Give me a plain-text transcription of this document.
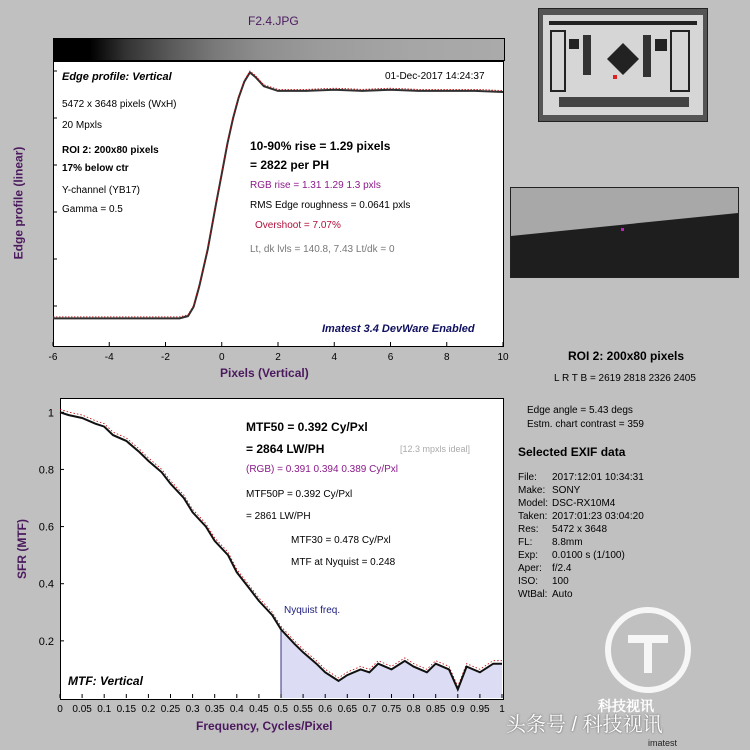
F2.4.JPG
-6	-4	-2	0	2	4	6	8	10
Edge profile: Vertical	01-Dec-2017 14:24:37
5472 x 3648 pixels (WxH)
20 Mpxls
ROI 2: 200x80 pixels
17% below ctr
Y-channel (YB17)
Gamma = 0.5
10-90% rise = 1.29 pixels
= 2822 per PH
RGB rise = 1.31 1.29 1.3 pxls
RMS Edge roughness = 0.0641 pxls
Overshoot = 7.07%
Lt, dk lvls = 140.8, 7.43 Lt/dk = 0
Imatest 3.4 DevWare Enabled
Pixels (Vertical)
Edge profile (linear)
ROI 2: 200x80 pixels
L R T B = 2619 2818 2326 2405
Edge angle = 5.43 degs
Estm. chart contrast = 359
Selected EXIF data
File: 2017:12:01 10:34:31
Make: SONY
Model: DSC-RX10M4
Taken: 2017:01:23 03:04:20
Res: 5472 x 3648
FL: 8.8mm
Exp: 0.0100 s (1/100)
Aper: f/2.4
ISO: 100
WtBal: Auto
0 0.05 0.1 0.15 0.2 0.25 0.3 0.35 0.4 0.45 0.5 0.55 0.6 0.65 0.7 0.75 0.8 0.85 0.9 0.95 1
0.2
0.4
0.6
0.8
1
MTF50 = 0.392 Cy/Pxl
= 2864 LW/PH	[12.3 mpxls ideal]
(RGB) = 0.391 0.394 0.389 Cy/Pxl
MTF50P = 0.392 Cy/Pxl
= 2861 LW/PH
MTF30 = 0.478 Cy/Pxl
MTF at Nyquist = 0.248
Nyquist freq.
MTF: Vertical
Frequency, Cycles/Pixel
SFR (MTF)
科技视讯
imatest
头条号 / 科技视讯
